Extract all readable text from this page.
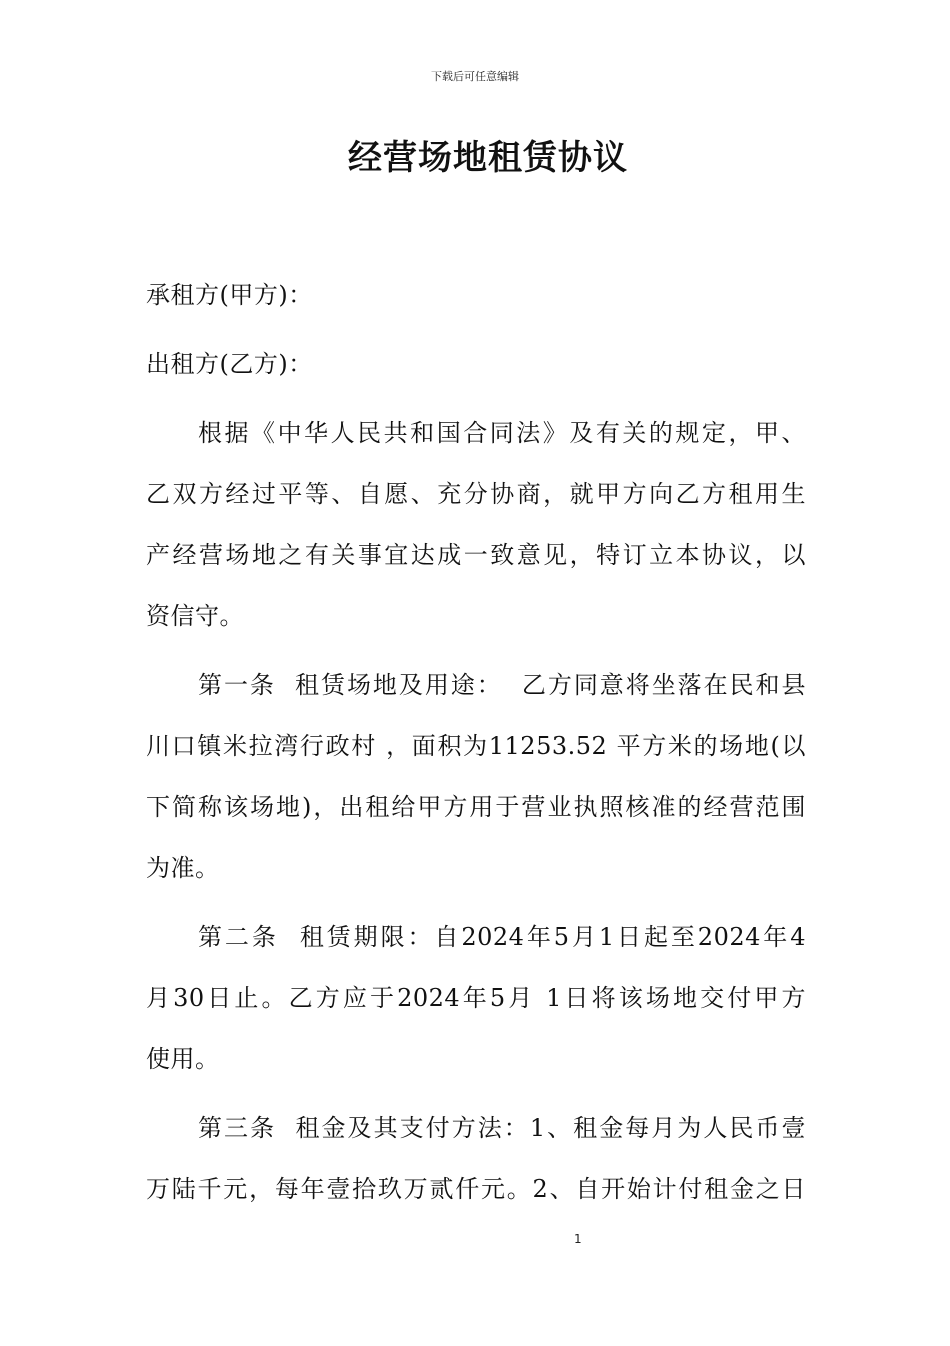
下载后可任意编辑
经营场地租赁协议
承租方(甲方)：
出租方(乙方)：
根据《中华人民共和国合同法》及有关的规定，甲、
乙双方经过平等、自愿、充分协商，就甲方向乙方租用生
产经营场地之有关事宜达成一致意见，特订立本协议，以
资信守。
第一条  租赁场地及用途：  乙方同意将坐落在民和县
川口镇米拉湾行政村 ，面积为11253.52 平方米的场地(以
下简称该场地)，出租给甲方用于营业执照核准的经营范围
为准。
第二条  租赁期限：自2024年5月1日起至2024年4
月30日止。乙方应于2024年5月 1日将该场地交付甲方
使用。
第三条  租金及其支付方法：1、租金每月为人民币壹
万陆千元，每年壹拾玖万贰仟元。2、自开始计付租金之日
1
